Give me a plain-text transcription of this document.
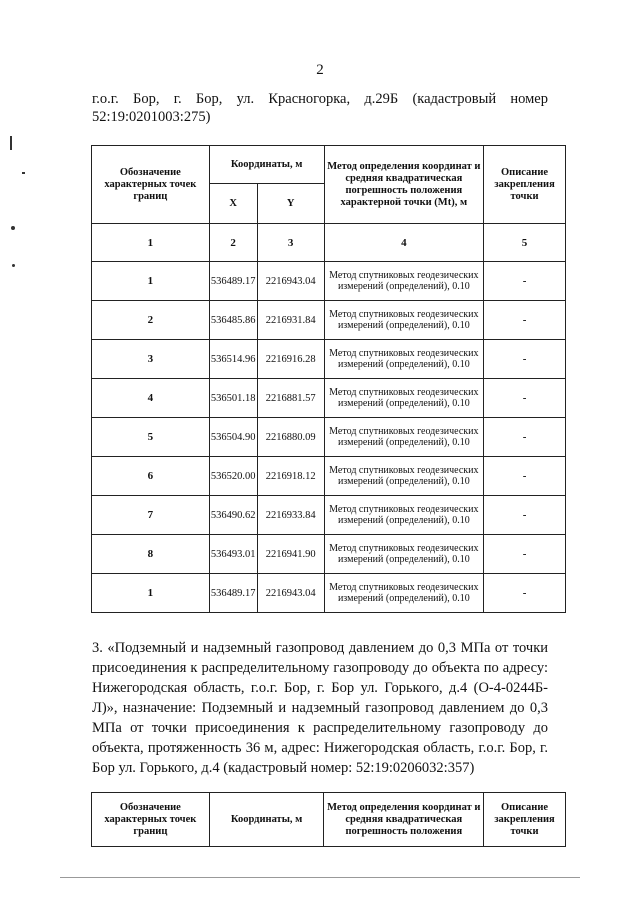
2
г.о.г. Бор, г. Бор, ул. Красногорка, д.29Б (кадастровый номер
52:19:0201003:275)
Обозначение характерных точек границ	Координаты, м		Метод определения координат и средняя квадратическая погрешность положения характерной точки (Mt), м	Описание закрепления точки
	X	Y		
1	2	3	4	5
1	536489.17	2216943.04	Метод спутниковых геодезических измерений (определений), 0.10	-
2	536485.86	2216931.84	Метод спутниковых геодезических измерений (определений), 0.10	-
3	536514.96	2216916.28	Метод спутниковых геодезических измерений (определений), 0.10	-
4	536501.18	2216881.57	Метод спутниковых геодезических измерений (определений), 0.10	-
5	536504.90	2216880.09	Метод спутниковых геодезических измерений (определений), 0.10	-
6	536520.00	2216918.12	Метод спутниковых геодезических измерений (определений), 0.10	-
7	536490.62	2216933.84	Метод спутниковых геодезических измерений (определений), 0.10	-
8	536493.01	2216941.90	Метод спутниковых геодезических измерений (определений), 0.10	-
1	536489.17	2216943.04	Метод спутниковых геодезических измерений (определений), 0.10	-
3. «Подземный и надземный газопровод давлением до 0,3 МПа от точки присоединения к распределительному газопроводу до объекта по адресу: Нижегородская область, г.о.г. Бор, г. Бор ул. Горького, д.4 (О-4-0244Б-Л)», назначение: Подземный и надземный газопровод давлением до 0,3 МПа от точки присоединения к распределительному газопроводу до объекта, протяженность 36 м, адрес: Нижегородская область, г.о.г. Бор, г. Бор ул. Горького, д.4 (кадастровый номер: 52:19:0206032:357)
Обозначение характерных точек границ	Координаты, м	Метод определения координат и средняя квадратическая погрешность положения	Описание закрепления точки
